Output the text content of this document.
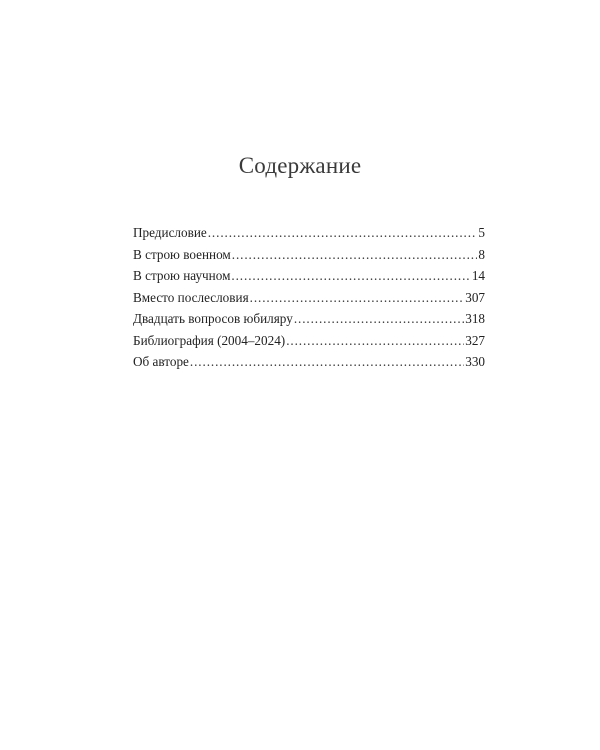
Содержание
Предисловие . . .	5
В строю военном . . .	8
В строю научном . . .	14
Вместо послесловия . . .	307
Двадцать вопросов юбиляру . . .	318
Библиография (2004–2024) . . .	327
Об авторе . . .	330
